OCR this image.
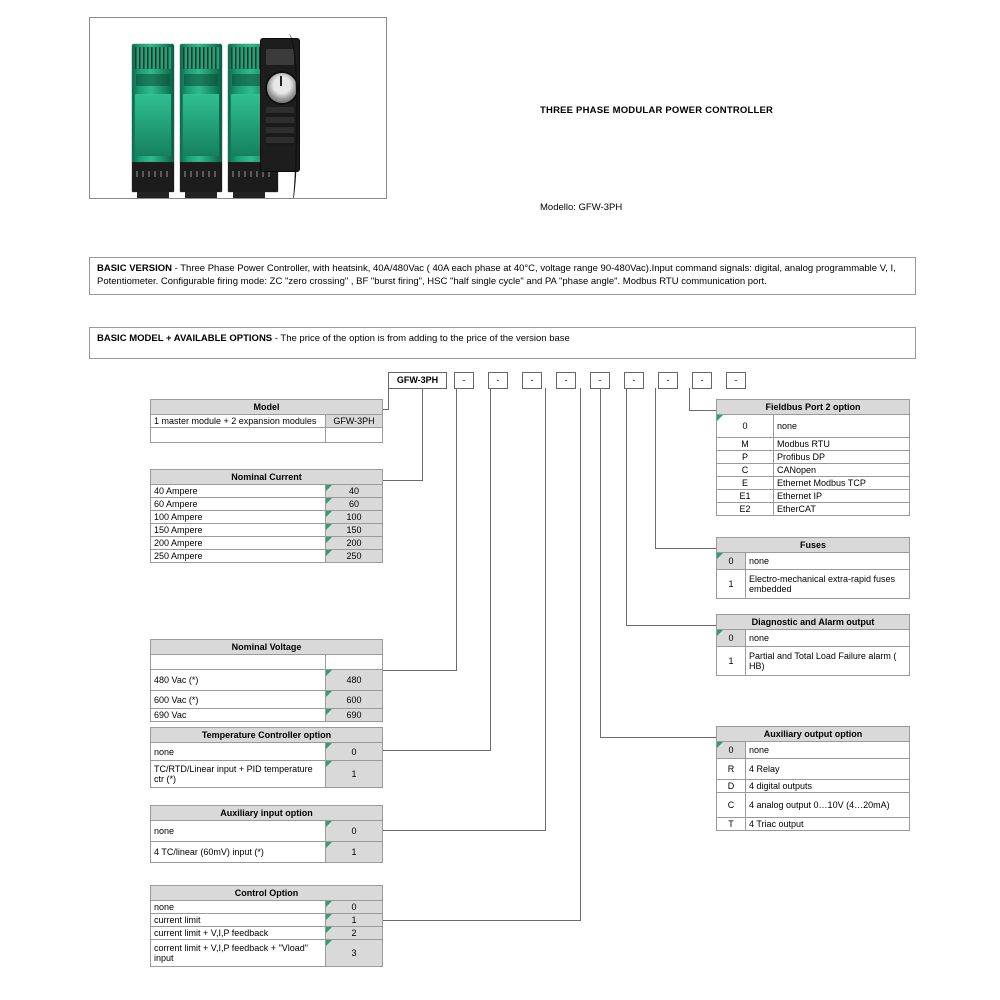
THREE PHASE MODULAR POWER CONTROLLER
Modello: GFW-3PH
BASIC VERSION - Three Phase Power Controller, with heatsink, 40A/480Vac ( 40A each phase at 40°C, voltage range 90-480Vac).Input command signals: digital, analog programmable V, I, Potentiometer. Configurable firing mode: ZC "zero crossing" , BF "burst firing", HSC "half single cycle" and PA "phase angle". Modbus RTU communication port.
BASIC MODEL + AVAILABLE OPTIONS - The price of the option is from adding to the price of the version base
GFW-3PH	-	-	-	-	-	-	-	-	-
Model	
1 master module + 2 expansion modules	GFW-3PH

Nominal Current	
40 Ampere	40
60 Ampere	60
100 Ampere	100
150 Ampere	150
200 Ampere	200
250 Ampere	250
Nominal Voltage	

480 Vac (*)	480
600 Vac (*)	600
690 Vac	690
Temperature Controller option	
none	0
TC/RTD/Linear input + PID temperature ctr (*)	1
Auxiliary input option	
none	0
4 TC/linear (60mV) input (*)	1
Control Option	
none	0
current limit	1
current limit + V,I,P feedback	2
corrent limit + V,I,P feedback + "Vload" input	3
Fieldbus Port 2 option	
0	none
M	Modbus RTU
P	Profibus DP
C	CANopen
E	Ethernet Modbus TCP
E1	Ethernet IP
E2	EtherCAT
Fuses	
0	none
1	Electro-mechanical extra-rapid fuses embedded
Diagnostic and Alarm output	
0	none
1	Partial and Total Load Failure alarm ( HB)
Auxiliary output option	
0	none
R	4 Relay
D	4 digital outputs
C	4 analog output 0…10V (4…20mA)
T	4 Triac output
